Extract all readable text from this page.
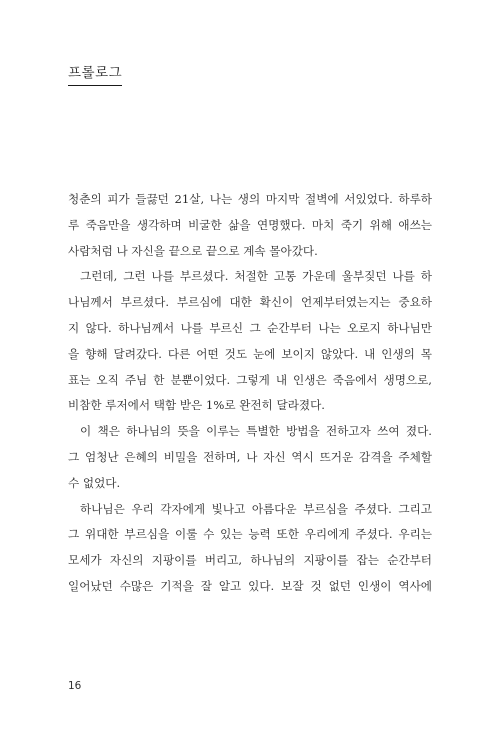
프롤로그
청춘의 피가 들끓던 21살, 나는 생의 마지막 절벽에 서있었다. 하루하
루 죽음만을 생각하며 비굴한 삶을 연명했다. 마치 죽기 위해 애쓰는
사람처럼 나 자신을 끝으로 끝으로 계속 몰아갔다.
그런데, 그런 나를 부르셨다. 처절한 고통 가운데 울부짖던 나를 하
나님께서 부르셨다. 부르심에 대한 확신이 언제부터였는지는 중요하
지 않다. 하나님께서 나를 부르신 그 순간부터 나는 오로지 하나님만
을 향해 달려갔다. 다른 어떤 것도 눈에 보이지 않았다. 내 인생의 목
표는 오직 주님 한 분뿐이었다. 그렇게 내 인생은 죽음에서 생명으로,
비참한 루저에서 택함 받은 1%로 완전히 달라졌다.
이 책은 하나님의 뜻을 이루는 특별한 방법을 전하고자 쓰여 졌다.
그 엄청난 은혜의 비밀을 전하며, 나 자신 역시 뜨거운 감격을 주체할
수 없었다.
하나님은 우리 각자에게 빛나고 아름다운 부르심을 주셨다. 그리고
그 위대한 부르심을 이룰 수 있는 능력 또한 우리에게 주셨다. 우리는
모세가 자신의 지팡이를 버리고, 하나님의 지팡이를 잡는 순간부터
일어났던 수많은 기적을 잘 알고 있다. 보잘 것 없던 인생이 역사에
16
